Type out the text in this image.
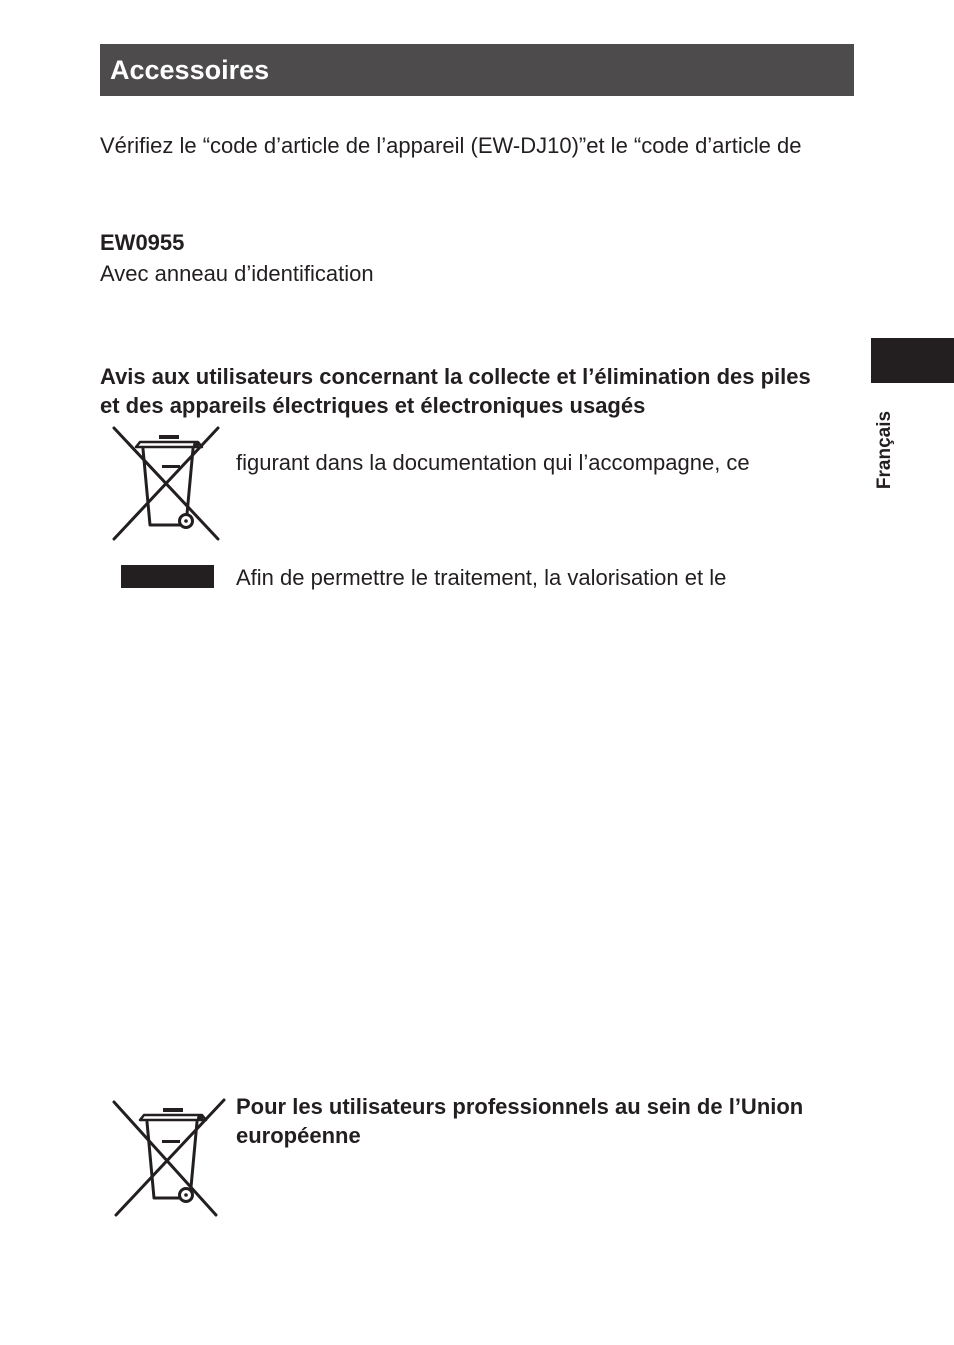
Accessoires

Vérifiez le “code d’article de l’appareil (EW-DJ10)”et le “code d’article de

EW0955

Avec anneau d’identification

Français

Avis aux utilisateurs concernant la collecte et l’élimination des piles

et des appareils électriques et électroniques usagés

figurant dans la documentation qui l’accompagne, ce

Afin de permettre le traitement, la valorisation et le

Pour les utilisateurs professionnels au sein de l’Union

européenne
